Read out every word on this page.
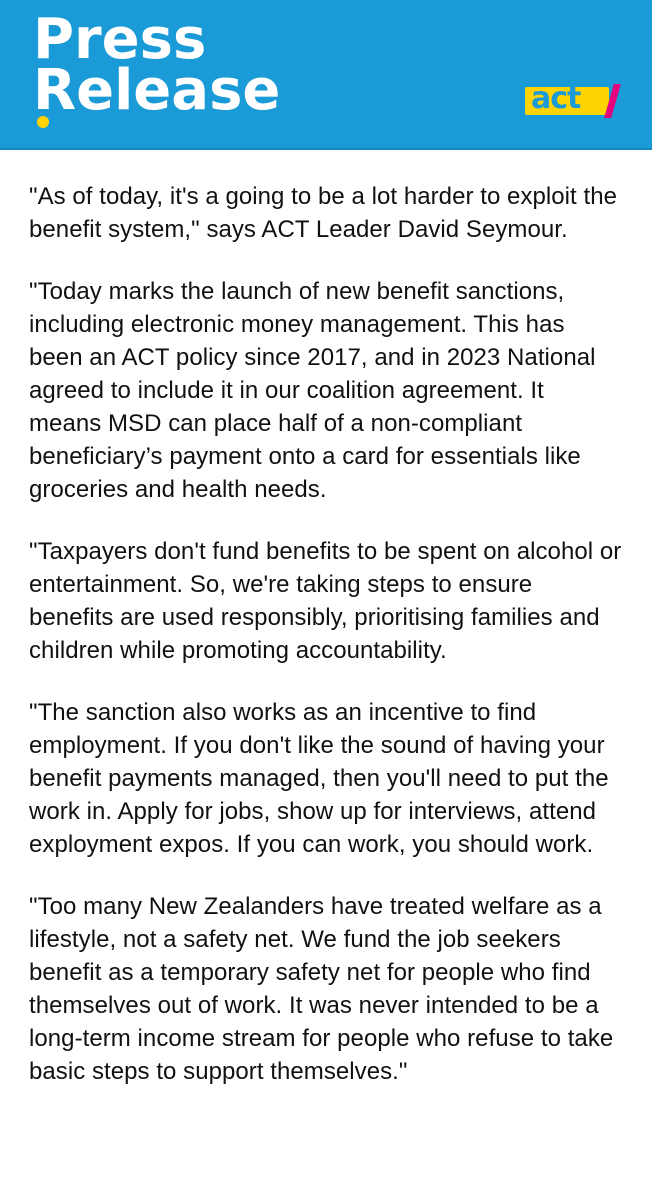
Press
Release	act

"As of today, it's a going to be a lot harder to exploit the benefit system," says ACT Leader David Seymour.

"Today marks the launch of new benefit sanctions, including electronic money management. This has been an ACT policy since 2017, and in 2023 National agreed to include it in our coalition agreement. It means MSD can place half of a non-compliant beneficiary’s payment onto a card for essentials like groceries and health needs.

"Taxpayers don't fund benefits to be spent on alcohol or entertainment. So, we're taking steps to ensure benefits are used responsibly, prioritising families and children while promoting accountability.

"The sanction also works as an incentive to find employment. If you don't like the sound of having your benefit payments managed, then you'll need to put the work in. Apply for jobs, show up for interviews, attend exployment expos. If you can work, you should work.

"Too many New Zealanders have treated welfare as a lifestyle, not a safety net. We fund the job seekers benefit as a temporary safety net for people who find themselves out of work. It was never intended to be a long-term income stream for people who refuse to take basic steps to support themselves."
